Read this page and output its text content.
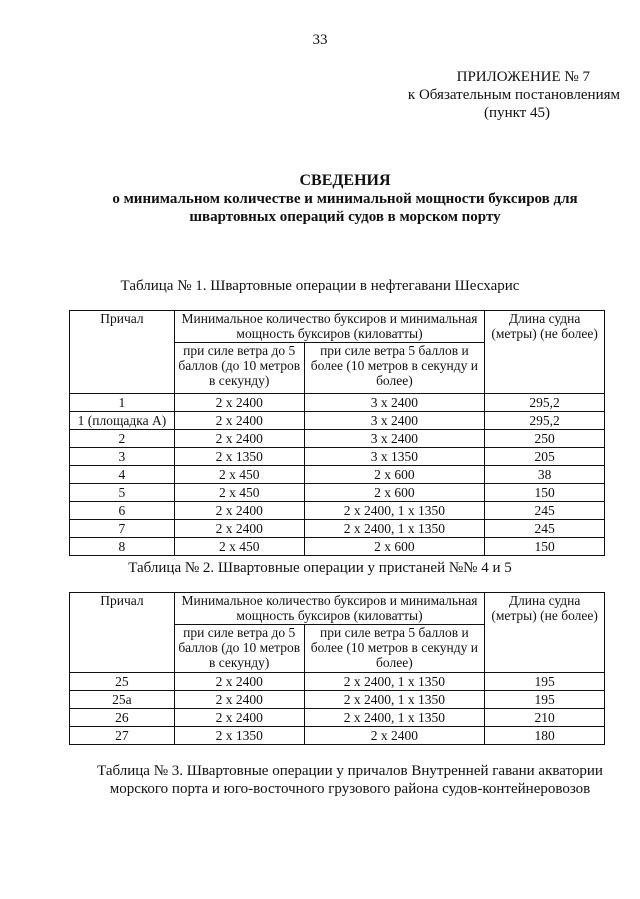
33
ПРИЛОЖЕНИЕ № 7
к Обязательным постановлениям
(пункт 45)
СВЕДЕНИЯ
о минимальном количестве и минимальной мощности буксиров для
швартовных операций судов в морском порту
Таблица № 1. Швартовные операции в нефтегавани Шесхарис
Причал	Минимальное количество буксиров и минимальная мощность буксиров (киловатты)		Длина судна (метры) (не более)
	при силе ветра до 5 баллов (до 10 метров в секунду)	при силе ветра 5 баллов и более (10 метров в секунду и более)	
1	2 x 2400	3 x 2400	295,2
1 (площадка А)	2 x 2400	3 x 2400	295,2
2	2 x 2400	3 x 2400	250
3	2 x 1350	3 x 1350	205
4	2 x 450	2 x 600	38
5	2 x 450	2 x 600	150
6	2 x 2400	2 x 2400, 1 x 1350	245
7	2 x 2400	2 x 2400, 1 x 1350	245
8	2 x 450	2 x 600	150
Таблица № 2. Швартовные операции у пристаней №№ 4 и 5
Причал	Минимальное количество буксиров и минимальная мощность буксиров (киловатты)		Длина судна (метры) (не более)
	при силе ветра до 5 баллов (до 10 метров в секунду)	при силе ветра 5 баллов и более (10 метров в секунду и более)	
25	2 x 2400	2 x 2400, 1 x 1350	195
25а	2 x 2400	2 x 2400, 1 x 1350	195
26	2 x 2400	2 x 2400, 1 x 1350	210
27	2 x 1350	2 x 2400	180
Таблица № 3. Швартовные операции у причалов Внутренней гавани акватории морского порта и юго-восточного грузового района судов-контейнеровозов
